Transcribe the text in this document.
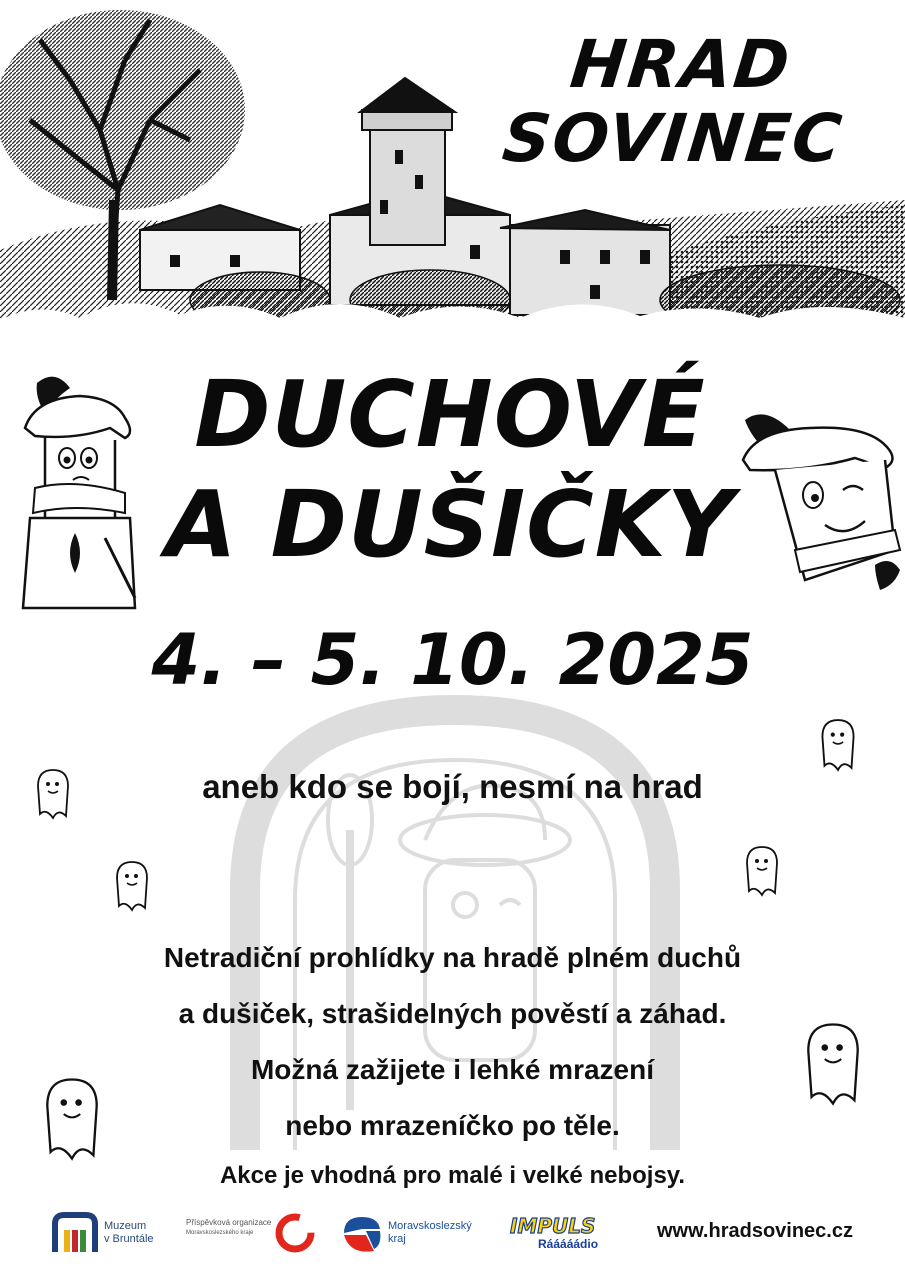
HRAD
SOVINEC
DUCHOVÉ
A DUŠIČKY
4. – 5. 10. 2025
aneb kdo se bojí, nesmí na hrad
Netradiční prohlídky na hradě plném duchů
a dušiček, strašidelných pověstí a záhad.
Možná zažijete i lehké mrazení
nebo mrazeníčko po těle.
Akce je vhodná pro malé i velké nebojsy.
Muzeum
v Bruntále
Příspěvková organizace
Moravskoslezského kraje
Moravskoslezský
kraj
IMPULS
Rááááádio
www.hradsovinec.cz
